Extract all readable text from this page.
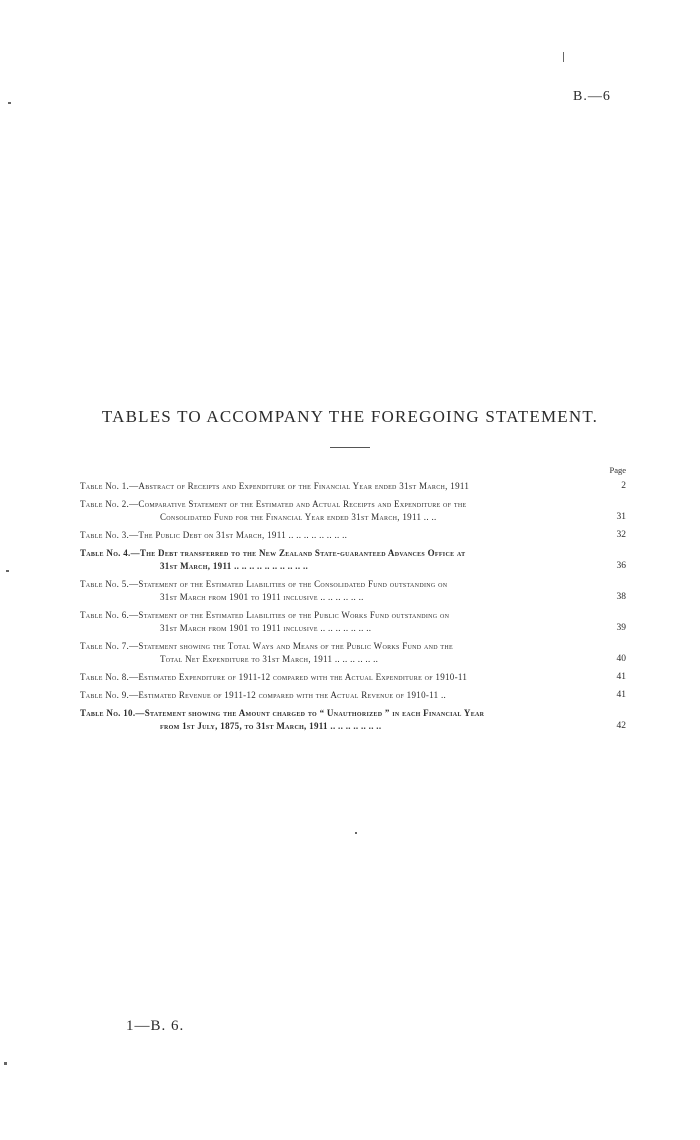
B.—6
TABLES TO ACCOMPANY THE FOREGOING STATEMENT.
Page
Table No. 1.—Abstract of Receipts and Expenditure of the Financial Year ended 31st March, 1911	2
Table No. 2.—Comparative Statement of the Estimated and Actual Receipts and Expenditure of the
Consolidated Fund for the Financial Year ended 31st March, 1911 .. ..	31
Table No. 3.—The Public Debt on 31st March, 1911 .. .. .. .. .. .. .. ..	32
Table No. 4.—The Debt transferred to the New Zealand State-guaranteed Advances Office at
31st March, 1911 .. .. .. .. .. .. .. .. .. ..	36
Table No. 5.—Statement of the Estimated Liabilities of the Consolidated Fund outstanding on
31st March from 1901 to 1911 inclusive .. .. .. .. .. ..	38
Table No. 6.—Statement of the Estimated Liabilities of the Public Works Fund outstanding on
31st March from 1901 to 1911 inclusive .. .. .. .. .. .. ..	39
Table No. 7.—Statement showing the Total Ways and Means of the Public Works Fund and the
Total Net Expenditure to 31st March, 1911 .. .. .. .. .. ..	40
Table No. 8.—Estimated Expenditure of 1911-12 compared with the Actual Expenditure of 1910-11	41
Table No. 9.—Estimated Revenue of 1911-12 compared with the Actual Revenue of 1910-11 ..	41
Table No. 10.—Statement showing the Amount charged to “ Unauthorized ” in each Financial Year
from 1st July, 1875, to 31st March, 1911 .. .. .. .. .. .. ..	42
1—B. 6.
